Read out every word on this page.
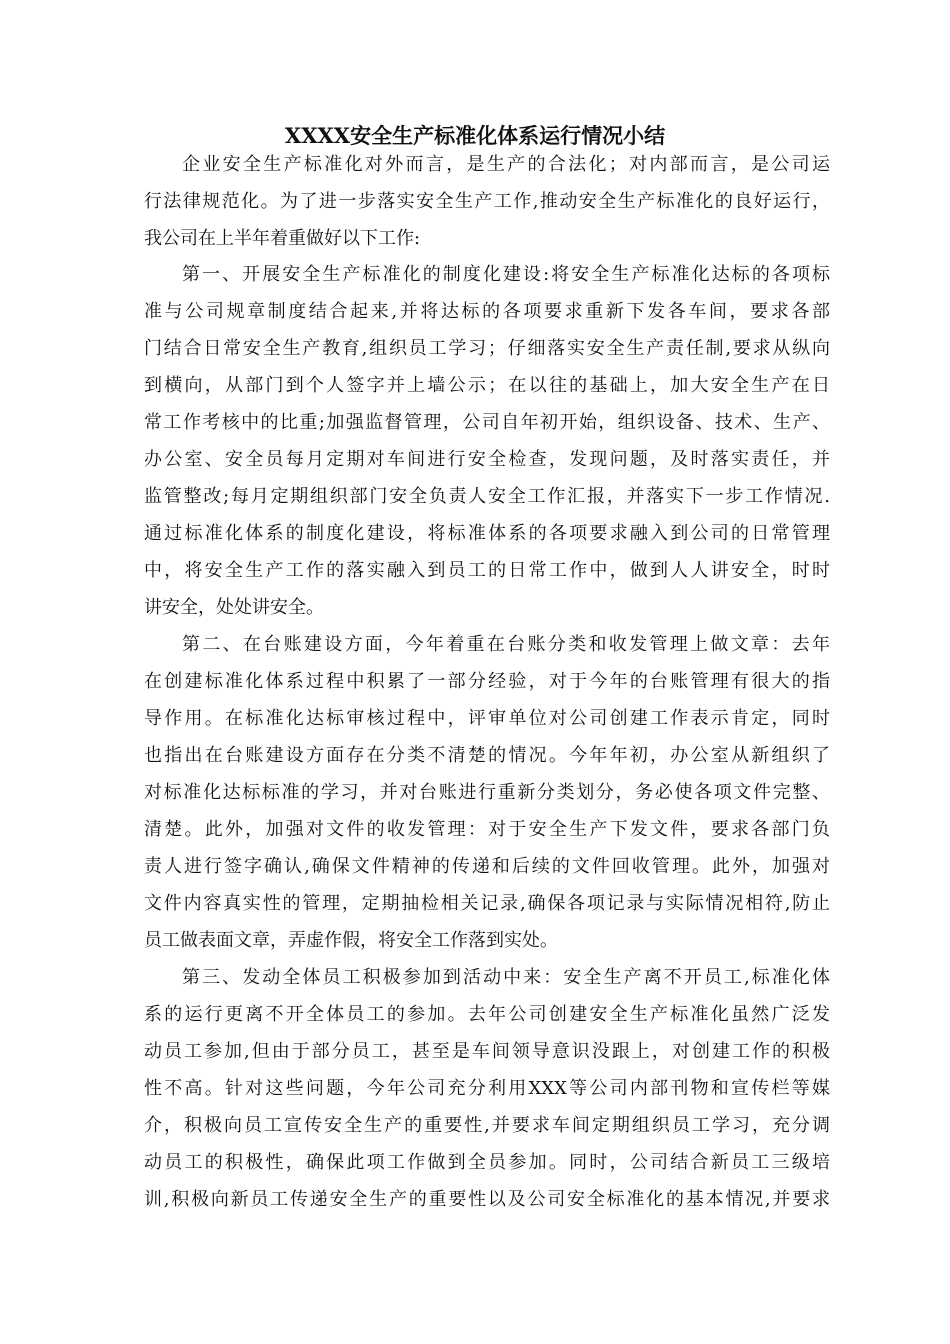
XXXX安全生产标准化体系运行情况小结
企业安全生产标准化对外而言，是生产的合法化；对内部而言，是公司运
行法律规范化。为了进一步落实安全生产工作,推动安全生产标准化的良好运行，
我公司在上半年着重做好以下工作:
第一、开展安全生产标准化的制度化建设:将安全生产标准化达标的各项标
准与公司规章制度结合起来,并将达标的各项要求重新下发各车间，要求各部
门结合日常安全生产教育,组织员工学习；仔细落实安全生产责任制,要求从纵向
到横向，从部门到个人签字并上墙公示；在以往的基础上，加大安全生产在日
常工作考核中的比重;加强监督管理，公司自年初开始，组织设备、技术、生产、
办公室、安全员每月定期对车间进行安全检查，发现问题，及时落实责任，并
监管整改;每月定期组织部门安全负责人安全工作汇报，并落实下一步工作情况.
通过标准化体系的制度化建设，将标准体系的各项要求融入到公司的日常管理
中，将安全生产工作的落实融入到员工的日常工作中，做到人人讲安全，时时
讲安全，处处讲安全。
第二、在台账建设方面，今年着重在台账分类和收发管理上做文章：去年
在创建标准化体系过程中积累了一部分经验，对于今年的台账管理有很大的指
导作用。在标准化达标审核过程中，评审单位对公司创建工作表示肯定，同时
也指出在台账建设方面存在分类不清楚的情况。今年年初，办公室从新组织了
对标准化达标标准的学习，并对台账进行重新分类划分，务必使各项文件完整、
清楚。此外，加强对文件的收发管理：对于安全生产下发文件，要求各部门负
责人进行签字确认,确保文件精神的传递和后续的文件回收管理。此外，加强对
文件内容真实性的管理，定期抽检相关记录,确保各项记录与实际情况相符,防止
员工做表面文章，弄虚作假，将安全工作落到实处。
第三、发动全体员工积极参加到活动中来：安全生产离不开员工,标准化体
系的运行更离不开全体员工的参加。去年公司创建安全生产标准化虽然广泛发
动员工参加,但由于部分员工，甚至是车间领导意识没跟上，对创建工作的积极
性不高。针对这些问题，今年公司充分利用XXX等公司内部刊物和宣传栏等媒
介，积极向员工宣传安全生产的重要性,并要求车间定期组织员工学习，充分调
动员工的积极性，确保此项工作做到全员参加。同时，公司结合新员工三级培
训,积极向新员工传递安全生产的重要性以及公司安全标准化的基本情况,并要求
